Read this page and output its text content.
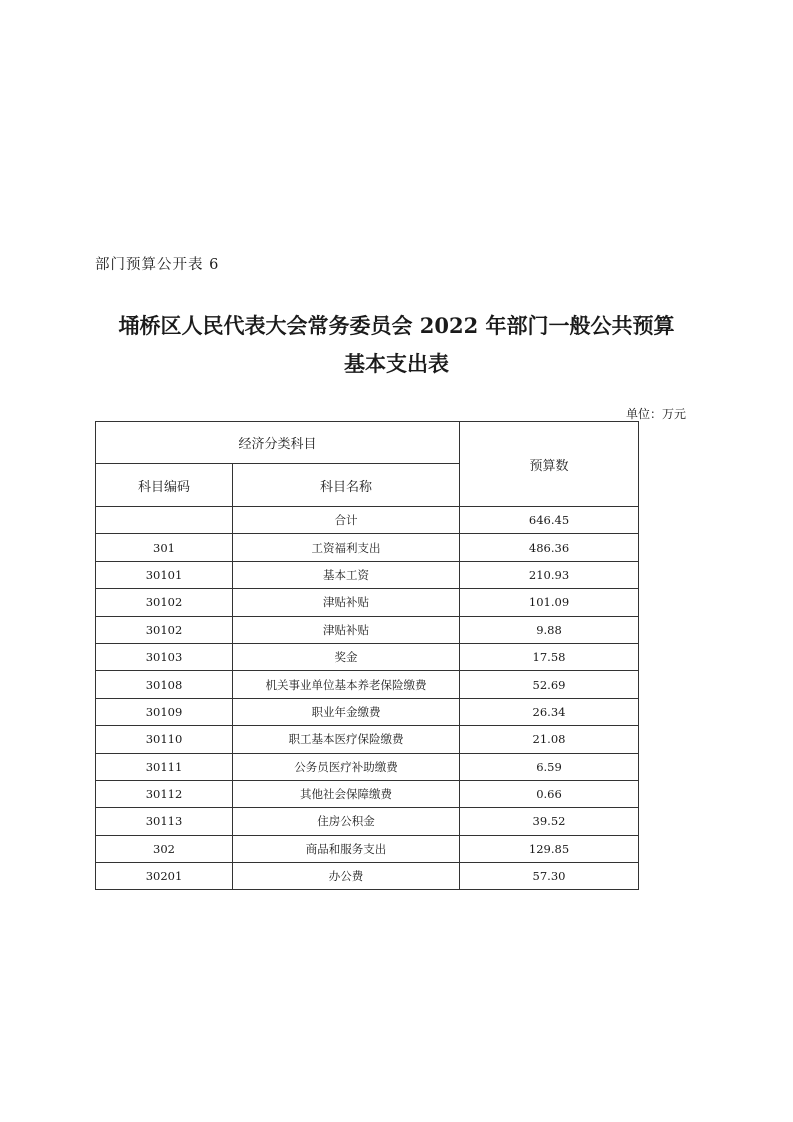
部门预算公开表 6

埇桥区人民代表大会常务委员会 2022 年部门一般公共预算
基本支出表
单位：万元
经济分类科目		预算数
科目编码	科目名称	
	合计	646.45
301	工资福利支出	486.36
30101	基本工资	210.93
30102	津贴补贴	101.09
30102	津贴补贴	9.88
30103	奖金	17.58
30108	机关事业单位基本养老保险缴费	52.69
30109	职业年金缴费	26.34
30110	职工基本医疗保险缴费	21.08
30111	公务员医疗补助缴费	6.59
30112	其他社会保障缴费	0.66
30113	住房公积金	39.52
302	商品和服务支出	129.85
30201	办公费	57.30
